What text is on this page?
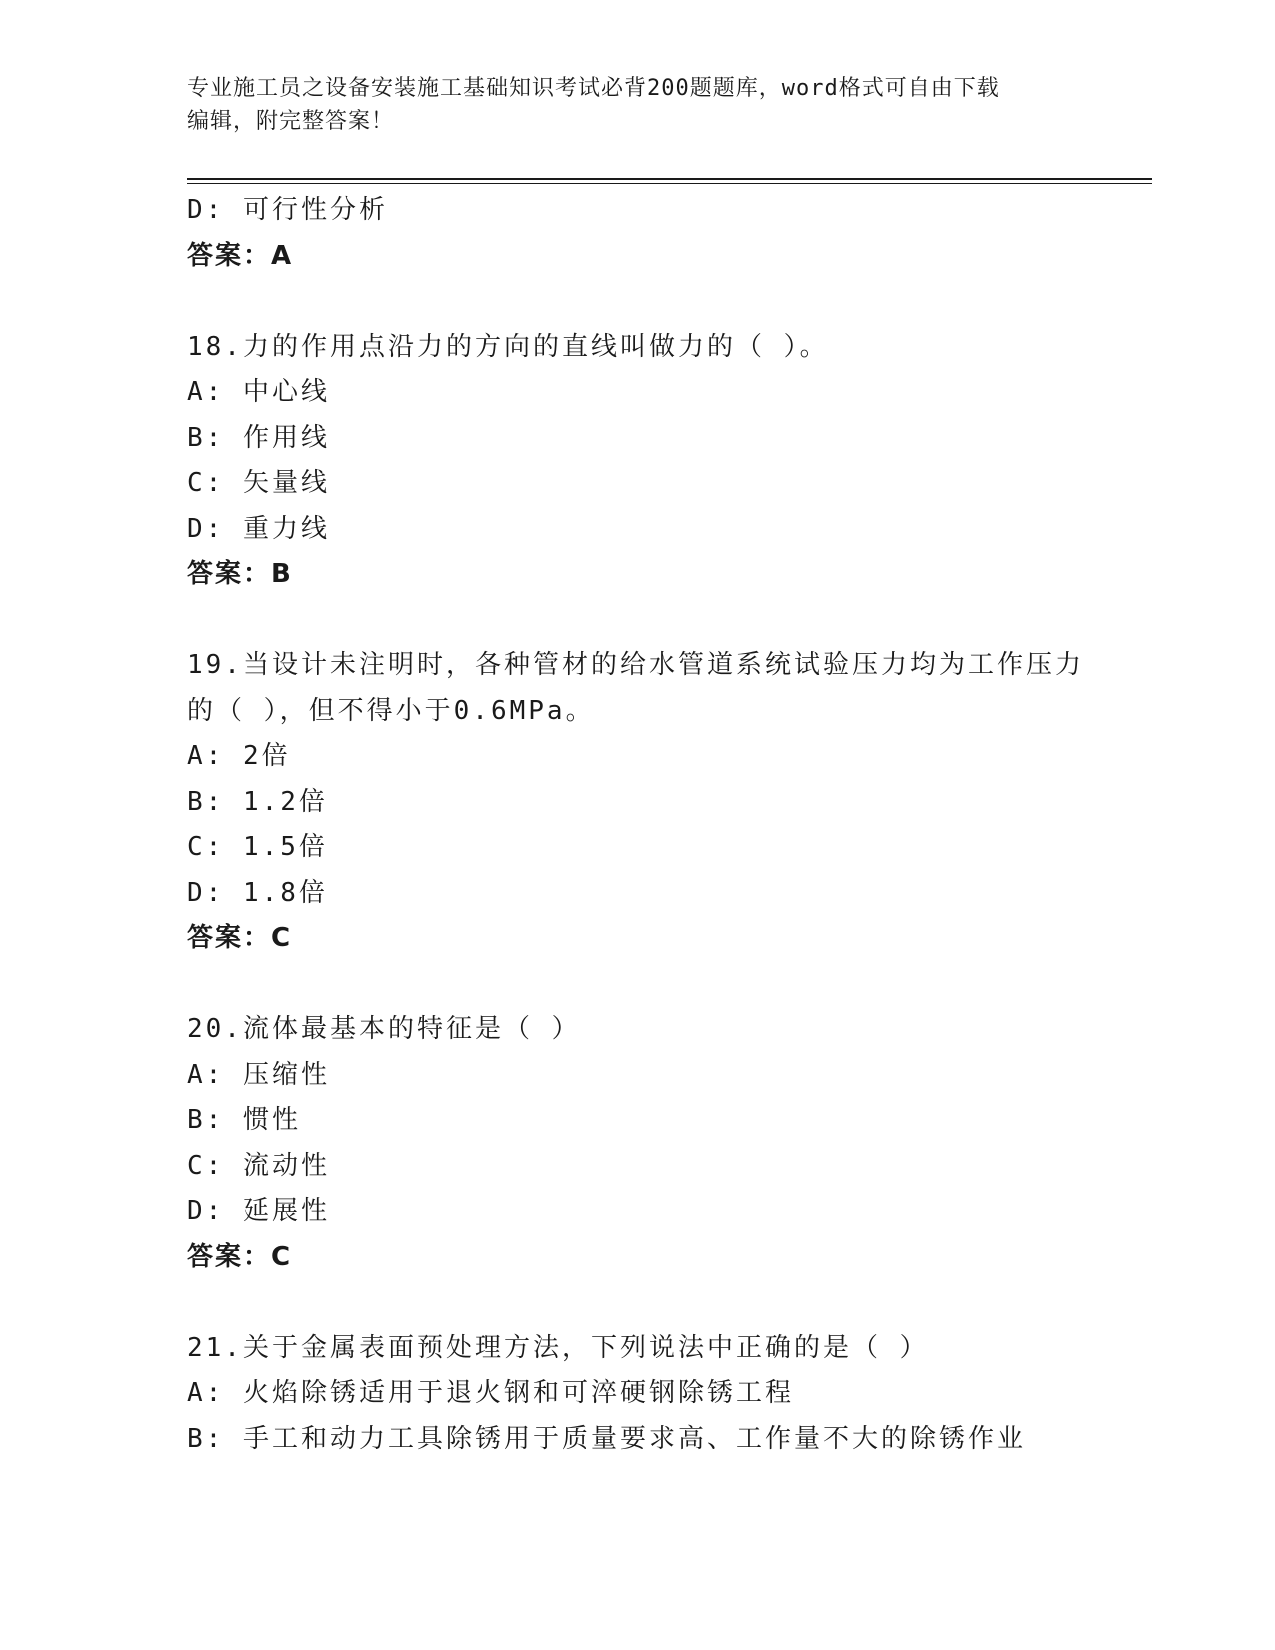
专业施工员之设备安装施工基础知识考试必背200题题库，word格式可自由下载
编辑，附完整答案！
D: 可行性分析
答案：A
18.力的作用点沿力的方向的直线叫做力的（ ）。
A: 中心线
B: 作用线
C: 矢量线
D: 重力线
答案：B
19.当设计未注明时，各种管材的给水管道系统试验压力均为工作压力
的（ ），但不得小于0.6MPa。
A: 2倍
B: 1.2倍
C: 1.5倍
D: 1.8倍
答案：C
20.流体最基本的特征是（ ）
A: 压缩性
B: 惯性
C: 流动性
D: 延展性
答案：C
21.关于金属表面预处理方法，下列说法中正确的是（ ）
A: 火焰除锈适用于退火钢和可淬硬钢除锈工程
B: 手工和动力工具除锈用于质量要求高、工作量不大的除锈作业
